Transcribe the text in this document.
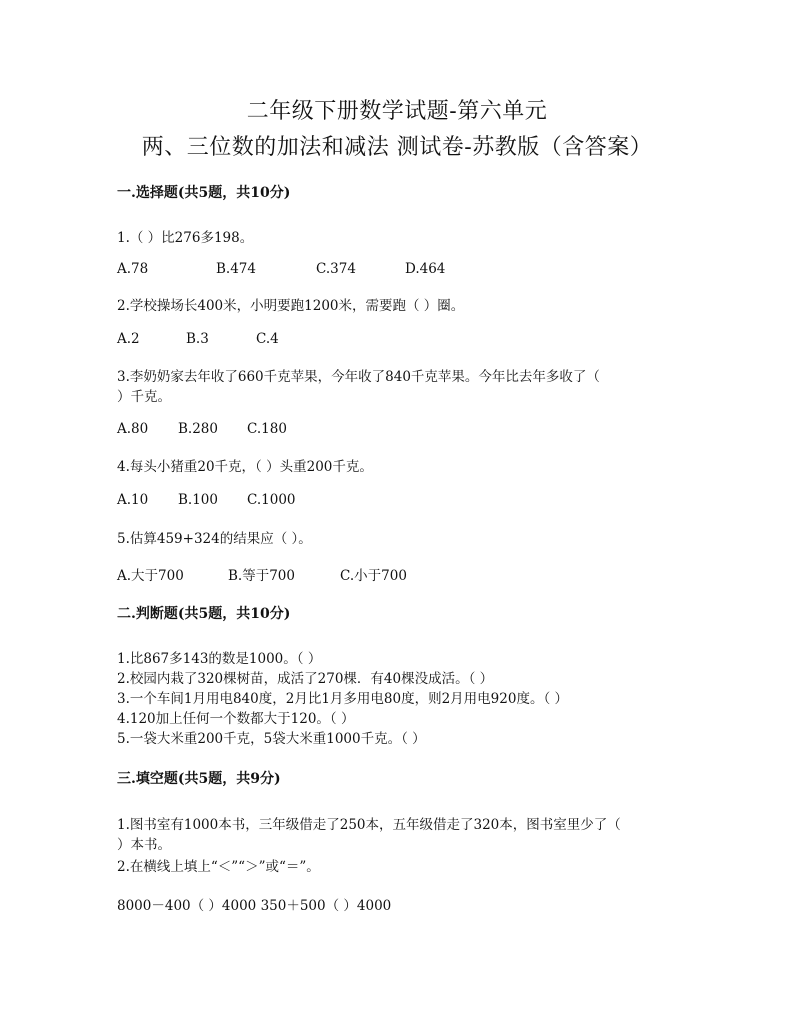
二年级下册数学试题-第六单元
两、三位数的加法和减法 测试卷-苏教版（含答案）
一.选择题(共5题，共10分)
1.（ ）比276多198。
A.78	B.474	C.374	D.464
2.学校操场长400米，小明要跑1200米，需要跑（ ）圈。
A.2	B.3	C.4
3.李奶奶家去年收了660千克苹果，今年收了840千克苹果。今年比去年多收了（
）千克。
A.80 B.280 C.180
4.每头小猪重20千克，（ ）头重200千克。
A.10 B.100 C.1000
5.估算459+324的结果应（ ）。
A.大于700	B.等于700	C.小于700
二.判断题(共5题，共10分)
1.比867多143的数是1000。（ ）
2.校园内栽了320棵树苗，成活了270棵．有40棵没成活。（ ）
3.一个车间1月用电840度，2月比1月多用电80度，则2月用电920度。（ ）
4.120加上任何一个数都大于120。（ ）
5.一袋大米重200千克，5袋大米重1000千克。（ ）
三.填空题(共5题，共9分)
1.图书室有1000本书，三年级借走了250本，五年级借走了320本，图书室里少了（
）本书。
2.在横线上填上“＜”“＞”或“＝”。
8000－400（ ）4000 350＋500（ ）4000
